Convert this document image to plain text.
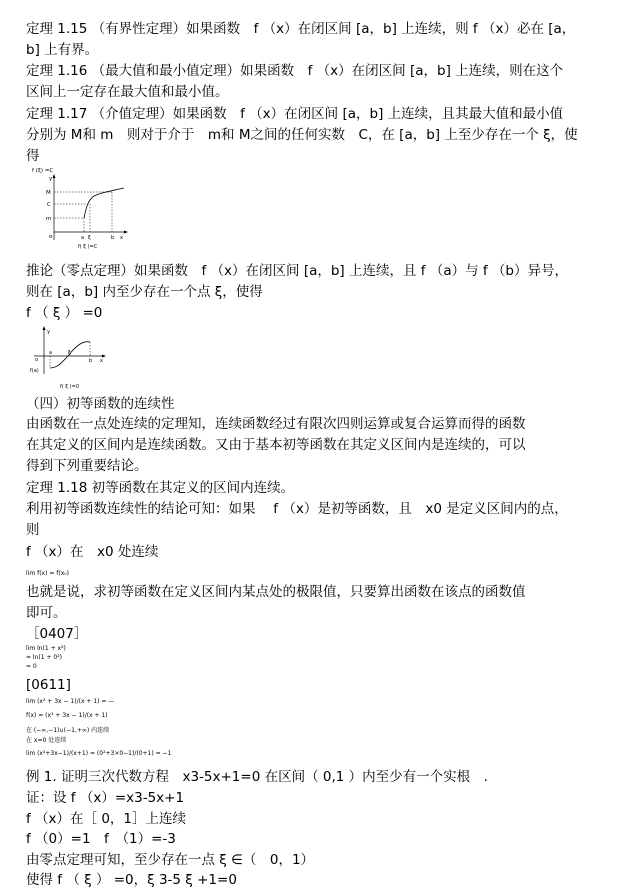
定理 1.15 （有界性定理）如果函数　f （x）在闭区间 [a，b] 上连续，则 f （x）必在 [a，
b] 上有界。
定理 1.16 （最大值和最小值定理）如果函数　f （x）在闭区间 [a，b] 上连续，则在这个
区间上一定存在最大值和最小值。
定理 1.17 （介值定理）如果函数　f （x）在闭区间 [a，b] 上连续，且其最大值和最小值
分别为 M和 m　则对于介于　m和 M之间的任何实数　C，在 [a，b] 上至少存在一个 ξ，使
得
f (ξ) =C
y
M
C
m
o	a ξ	b x
f( ξ )=C
推论（零点定理）如果函数　f （x）在闭区间 [a，b] 上连续，且 f （a）与 f （b）异号，
则在 [a，b] 内至少存在一个点 ξ，使得
f （ ξ ） =0
y
o
a	ξ
b x
f(a)
f( ξ )=0
（四）初等函数的连续性
由函数在一点处连续的定理知，连续函数经过有限次四则运算或复合运算而得的函数
在其定义的区间内是连续函数。又由于基本初等函数在其定义区间内是连续的，可以
得到下列重要结论。
定理 1.18 初等函数在其定义的区间内连续。
利用初等函数连续性的结论可知：如果　 f （x）是初等函数，且　x0 是定义区间内的点，
则
f （x）在　x0 处连续
lim f(x) = f(x₀)
也就是说，求初等函数在定义区间内某点处的极限值，只要算出函数在该点的函数值
即可。
［0407］
lim ln(1 + x²)
= ln(1 + 0²)
= 0
[0611]
lim (x² + 3x − 1)/(x + 1) = —
f(x) = (x² + 3x − 1)/(x + 1)
在 (−∞,−1)∪(−1,+∞) 内连续
在 x=0 处连续
lim (x²+3x−1)/(x+1) = (0²+3×0−1)/(0+1) = −1
例 1. 证明三次代数方程　x3-5x+1=0 在区间（ 0,1 ）内至少有一个实根　.
证：设 f （x）=x3-5x+1
f （x）在［ 0，1］上连续
f （0）=1　f　（1）=-3
由零点定理可知，至少存在一点 ξ ∈（　0，1）
使得 f （ ξ ） =0，ξ 3-5 ξ +1=0
